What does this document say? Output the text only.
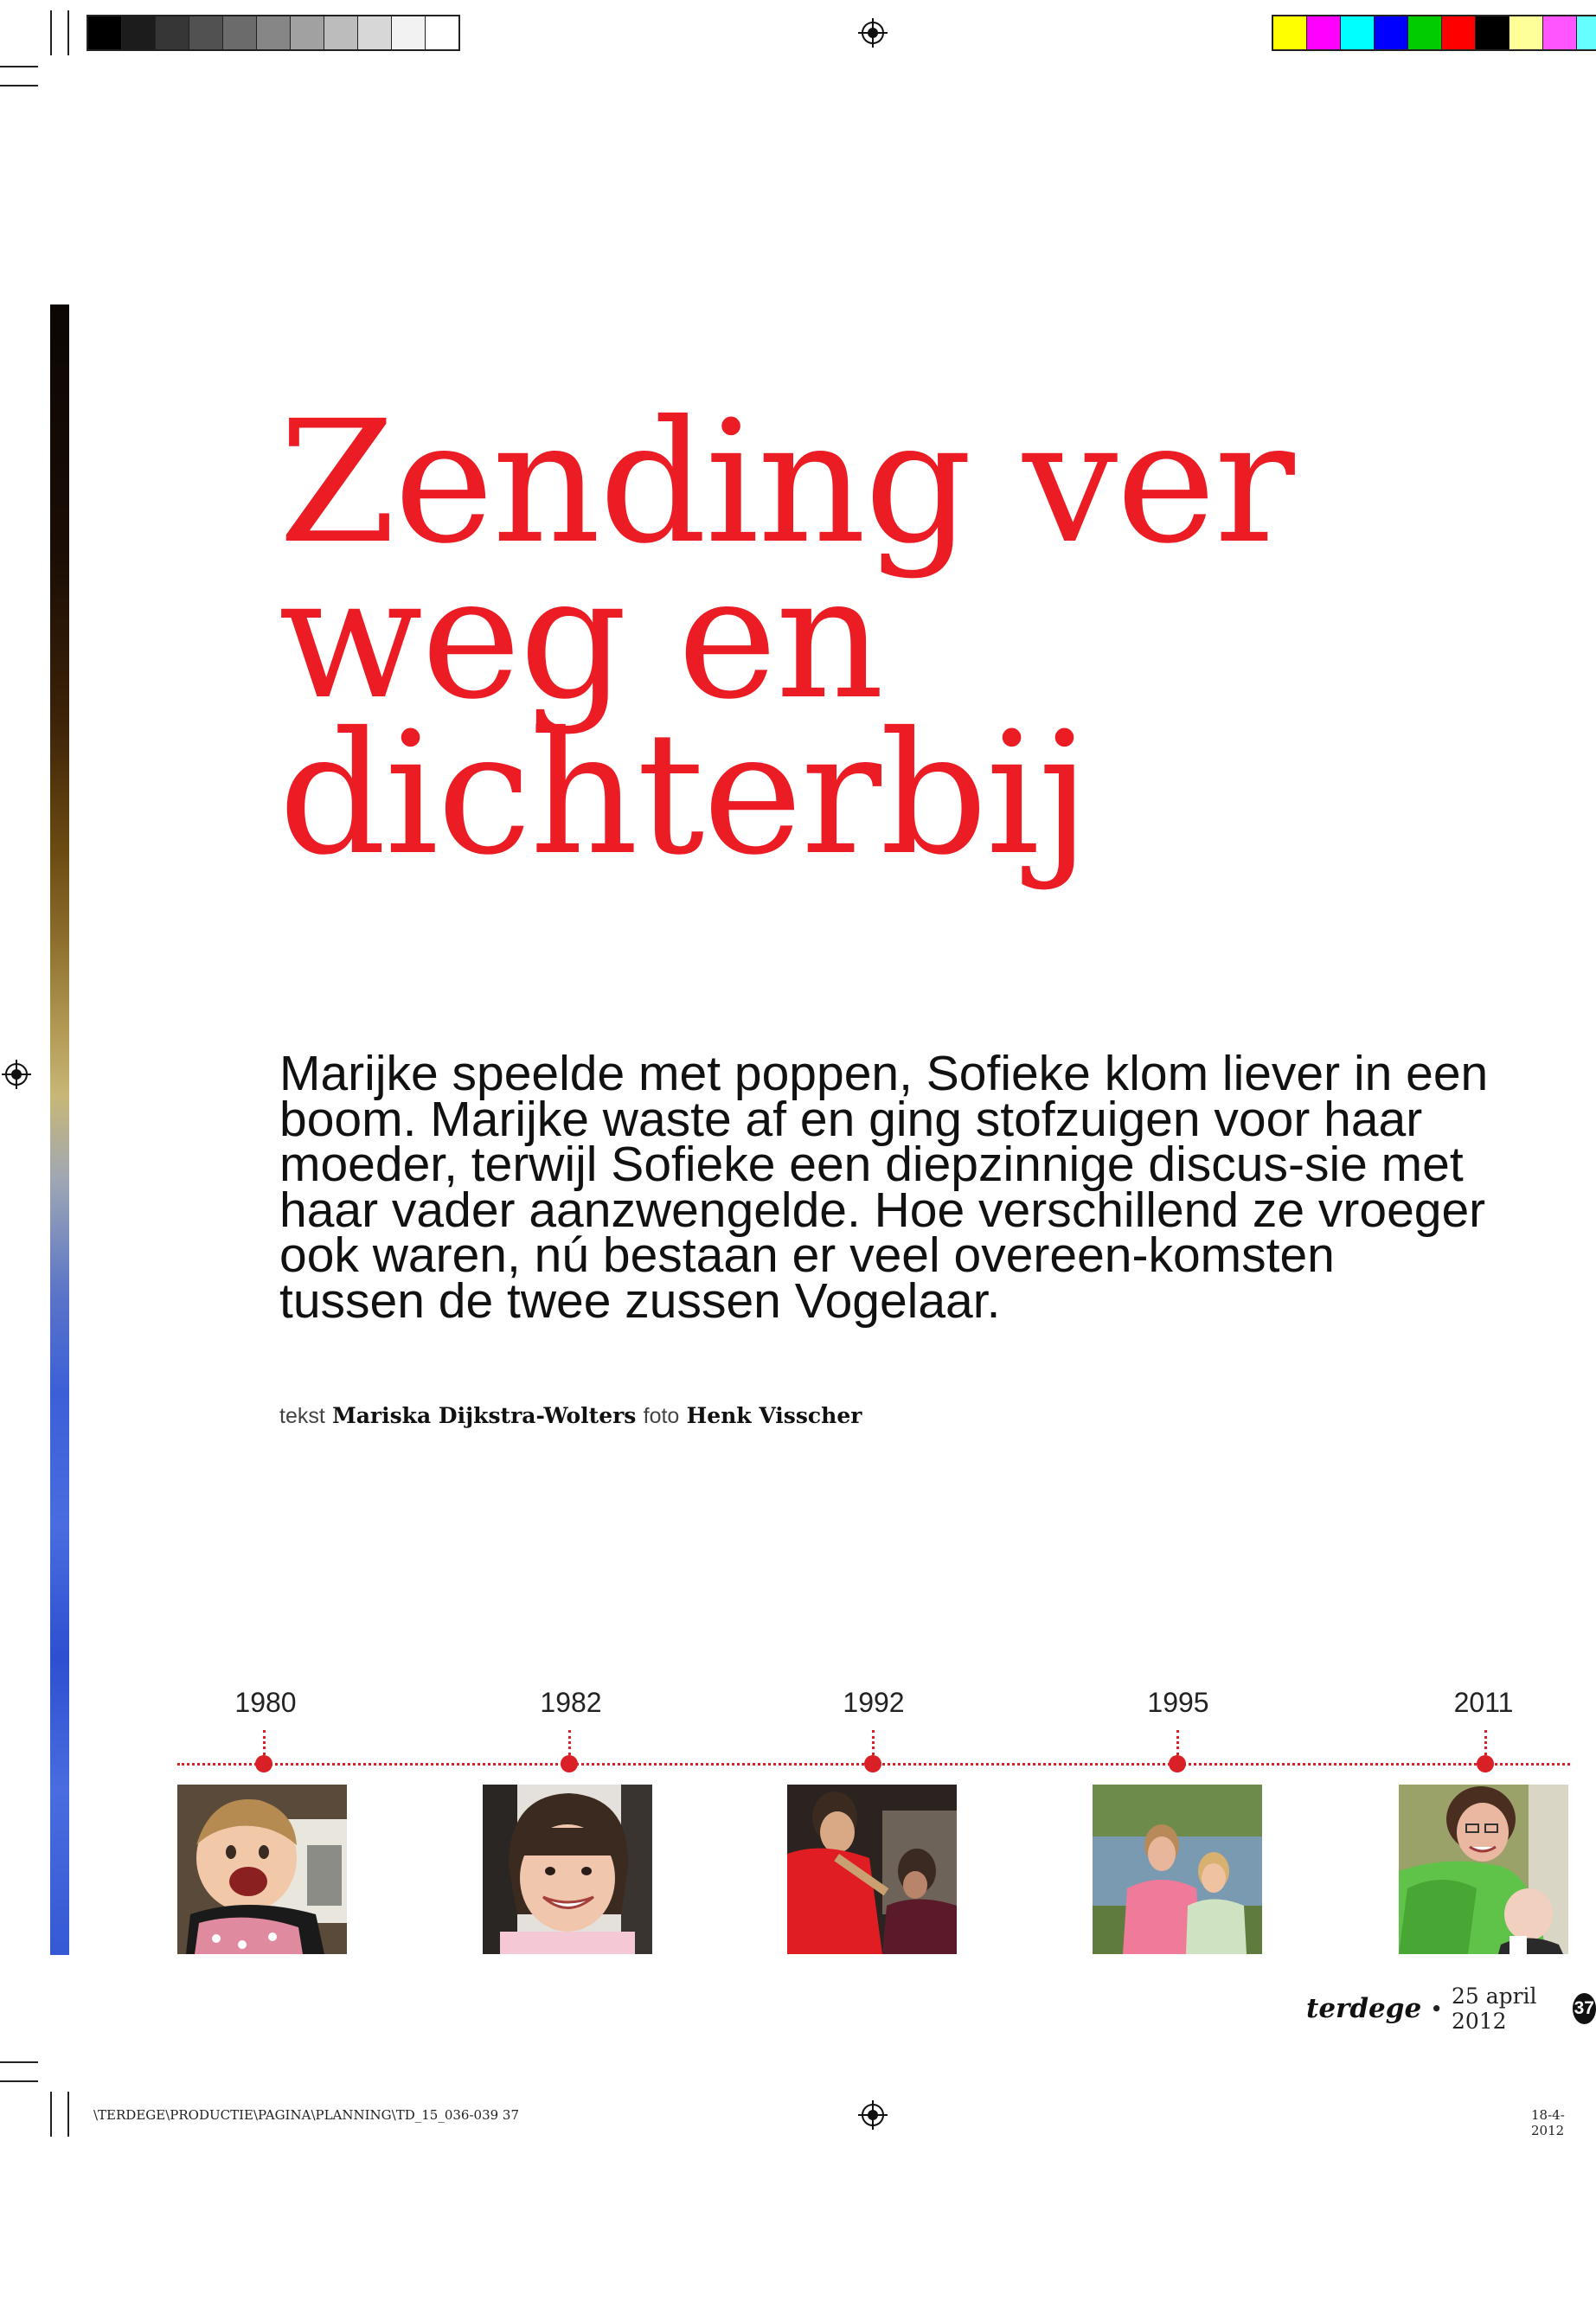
Zending ver weg en dichterbij

Marijke speelde met poppen, Sofieke klom liever in een boom. Marijke waste af en ging stofzuigen voor haar moeder, terwijl Sofieke een diepzinnige discus-sie met haar vader aanzwengelde. Hoe verschillend ze vroeger ook waren, nú bestaan er veel overeen-komsten tussen de twee zussen Vogelaar.

tekst Mariska Dijkstra-Wolters foto Henk Visscher
1980	1982	1992	1995	2011
terdege • 25 april 2012
37
\TERDEGE\PRODUCTIE\PAGINA\PLANNING\TD_15_036-039 37	18-4-2012
